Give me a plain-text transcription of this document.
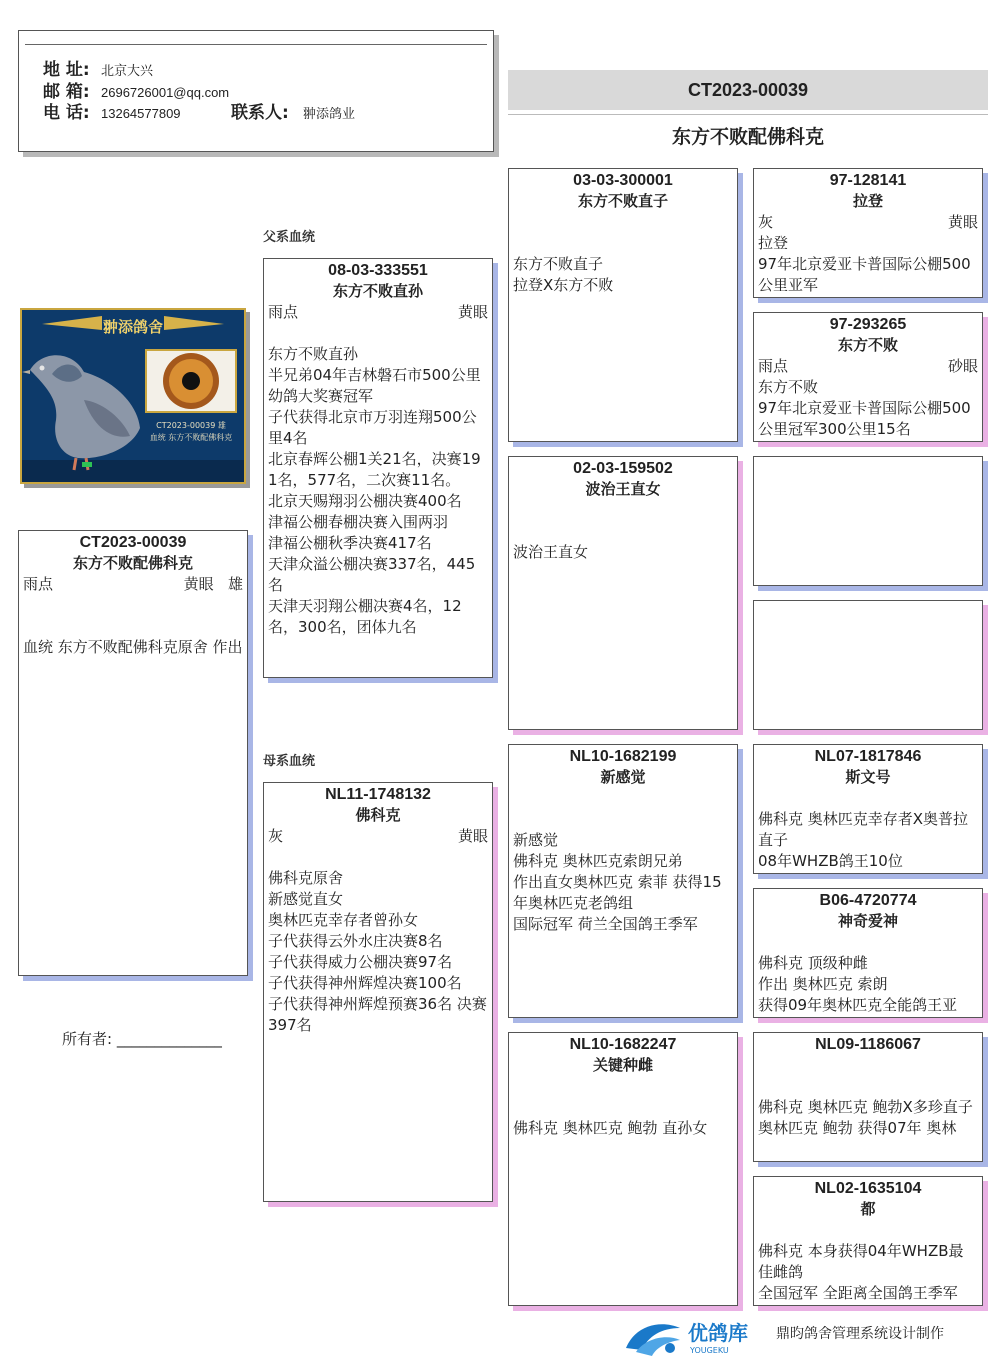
地 址: 北京大兴
邮 箱: 2696726001@qq.com
电 话: 13264577809	联系人:	翀添鸽业
CT2023-00039
东方不败配佛科克
父系血统
母系血统
翀添鸽舍
CT2023-00039 雄
血统 东方不败配佛科克
CT2023-00039
东方不败配佛科克
雨点	黄眼 雄
血统 东方不败配佛科克原舍 作出
所有者: ______________
08-03-333551
东方不败直孙
雨点	黄眼
东方不败直孙
半兄弟04年吉林磐石市500公里幼鸽大奖赛冠军
子代获得北京市万羽连翔500公里4名
北京春辉公棚1关21名，决赛191名，577名，二次赛11名。
北京天赐翔羽公棚决赛400名
津福公棚春棚决赛入围两羽
津福公棚秋季决赛417名
天津众溢公棚决赛337名，445名
天津天羽翔公棚决赛4名，12名，300名，团体九名
NL11-1748132
佛科克
灰	黄眼
佛科克原舍
新感觉直女
奥林匹克幸存者曾孙女
子代获得云外水庄决赛8名
子代获得威力公棚决赛97名
子代获得神州辉煌决赛100名
子代获得神州辉煌预赛36名 决赛397名
03-03-300001
东方不败直子
东方不败直子
拉登X东方不败
02-03-159502
波治王直女
波治王直女
NL10-1682199
新感觉
新感觉
佛科克 奥林匹克索朗兄弟
作出直女奥林匹克 索菲 获得15年奥林匹克老鸽组
国际冠军 荷兰全国鸽王季军
NL10-1682247
关键种雌
佛科克 奥林匹克 鲍勃 直孙女
97-128141
拉登
灰	黄眼
拉登
97年北京爱亚卡普国际公棚500公里亚军
97-293265
东方不败
雨点	砂眼
东方不败
97年北京爱亚卡普国际公棚500公里冠军300公里15名
NL07-1817846
斯文号
佛科克 奥林匹克幸存者X奥普拉直子
08年WHZB鸽王10位
B06-4720774
神奇爱神
佛科克 顶级种雌
作出 奥林匹克 索朗
获得09年奥林匹克全能鸽王亚
NL09-1186067

佛科克 奥林匹克 鲍勃X多珍直子
奥林匹克 鲍勃 获得07年 奥林
NL02-1635104
都
佛科克 本身获得04年WHZB最佳雌鸽
全国冠军 全距离全国鸽王季军
优鸽库
YOUGEKU
鼎昀鸽舍管理系统设计制作
